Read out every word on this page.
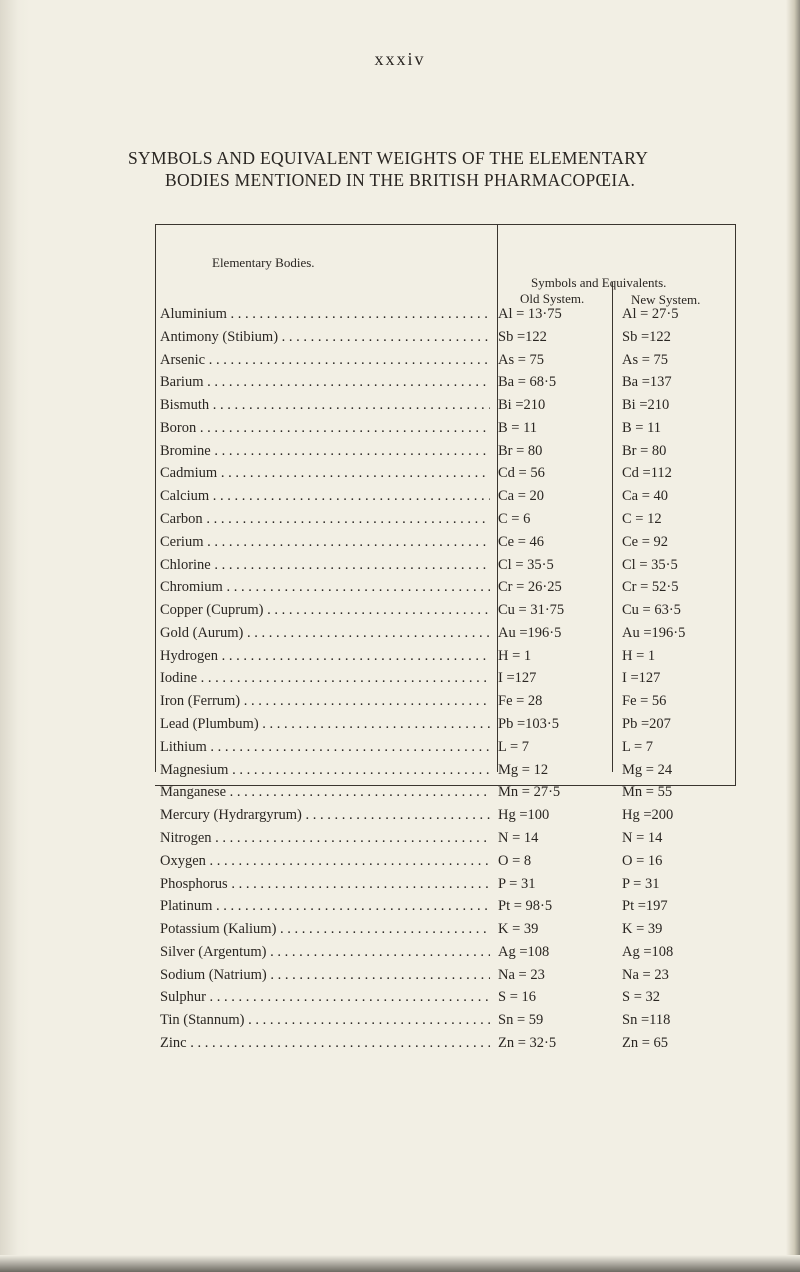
xxxiv
SYMBOLS AND EQUIVALENT WEIGHTS OF THE ELEMENTARY
BODIES MENTIONED IN THE BRITISH PHARMACOPŒIA.
Elementary Bodies.
Symbols and Equivalents.
Old System.	New System.
Aluminium . . .	Al = 13·75	Al = 27·5
Antimony (Stibium) . . .	Sb =122	Sb =122
Arsenic . . .	As = 75	As = 75
Barium . . .	Ba = 68·5	Ba =137
Bismuth . . .	Bi =210	Bi =210
Boron . . .	B = 11	B = 11
Bromine . . .	Br = 80	Br = 80
Cadmium . . .	Cd = 56	Cd =112
Calcium . . .	Ca = 20	Ca = 40
Carbon . . .	C = 6	C = 12
Cerium . . .	Ce = 46	Ce = 92
Chlorine . . .	Cl = 35·5	Cl = 35·5
Chromium . . .	Cr = 26·25	Cr = 52·5
Copper (Cuprum) . . .	Cu = 31·75	Cu = 63·5
Gold (Aurum) . . .	Au =196·5	Au =196·5
Hydrogen . . .	H = 1	H = 1
Iodine . . .	I =127	I =127
Iron (Ferrum) . . .	Fe = 28	Fe = 56
Lead (Plumbum) . . .	Pb =103·5	Pb =207
Lithium . . .	L = 7	L = 7
Magnesium . . .	Mg = 12	Mg = 24
Manganese . . .	Mn = 27·5	Mn = 55
Mercury (Hydrargyrum) . . .	Hg =100	Hg =200
Nitrogen . . .	N = 14	N = 14
Oxygen . . .	O = 8	O = 16
Phosphorus . . .	P = 31	P = 31
Platinum . . .	Pt = 98·5	Pt =197
Potassium (Kalium) . . .	K = 39	K = 39
Silver (Argentum) . . .	Ag =108	Ag =108
Sodium (Natrium) . . .	Na = 23	Na = 23
Sulphur . . .	S = 16	S = 32
Tin (Stannum) . . .	Sn = 59	Sn =118
Zinc . . .	Zn = 32·5	Zn = 65
